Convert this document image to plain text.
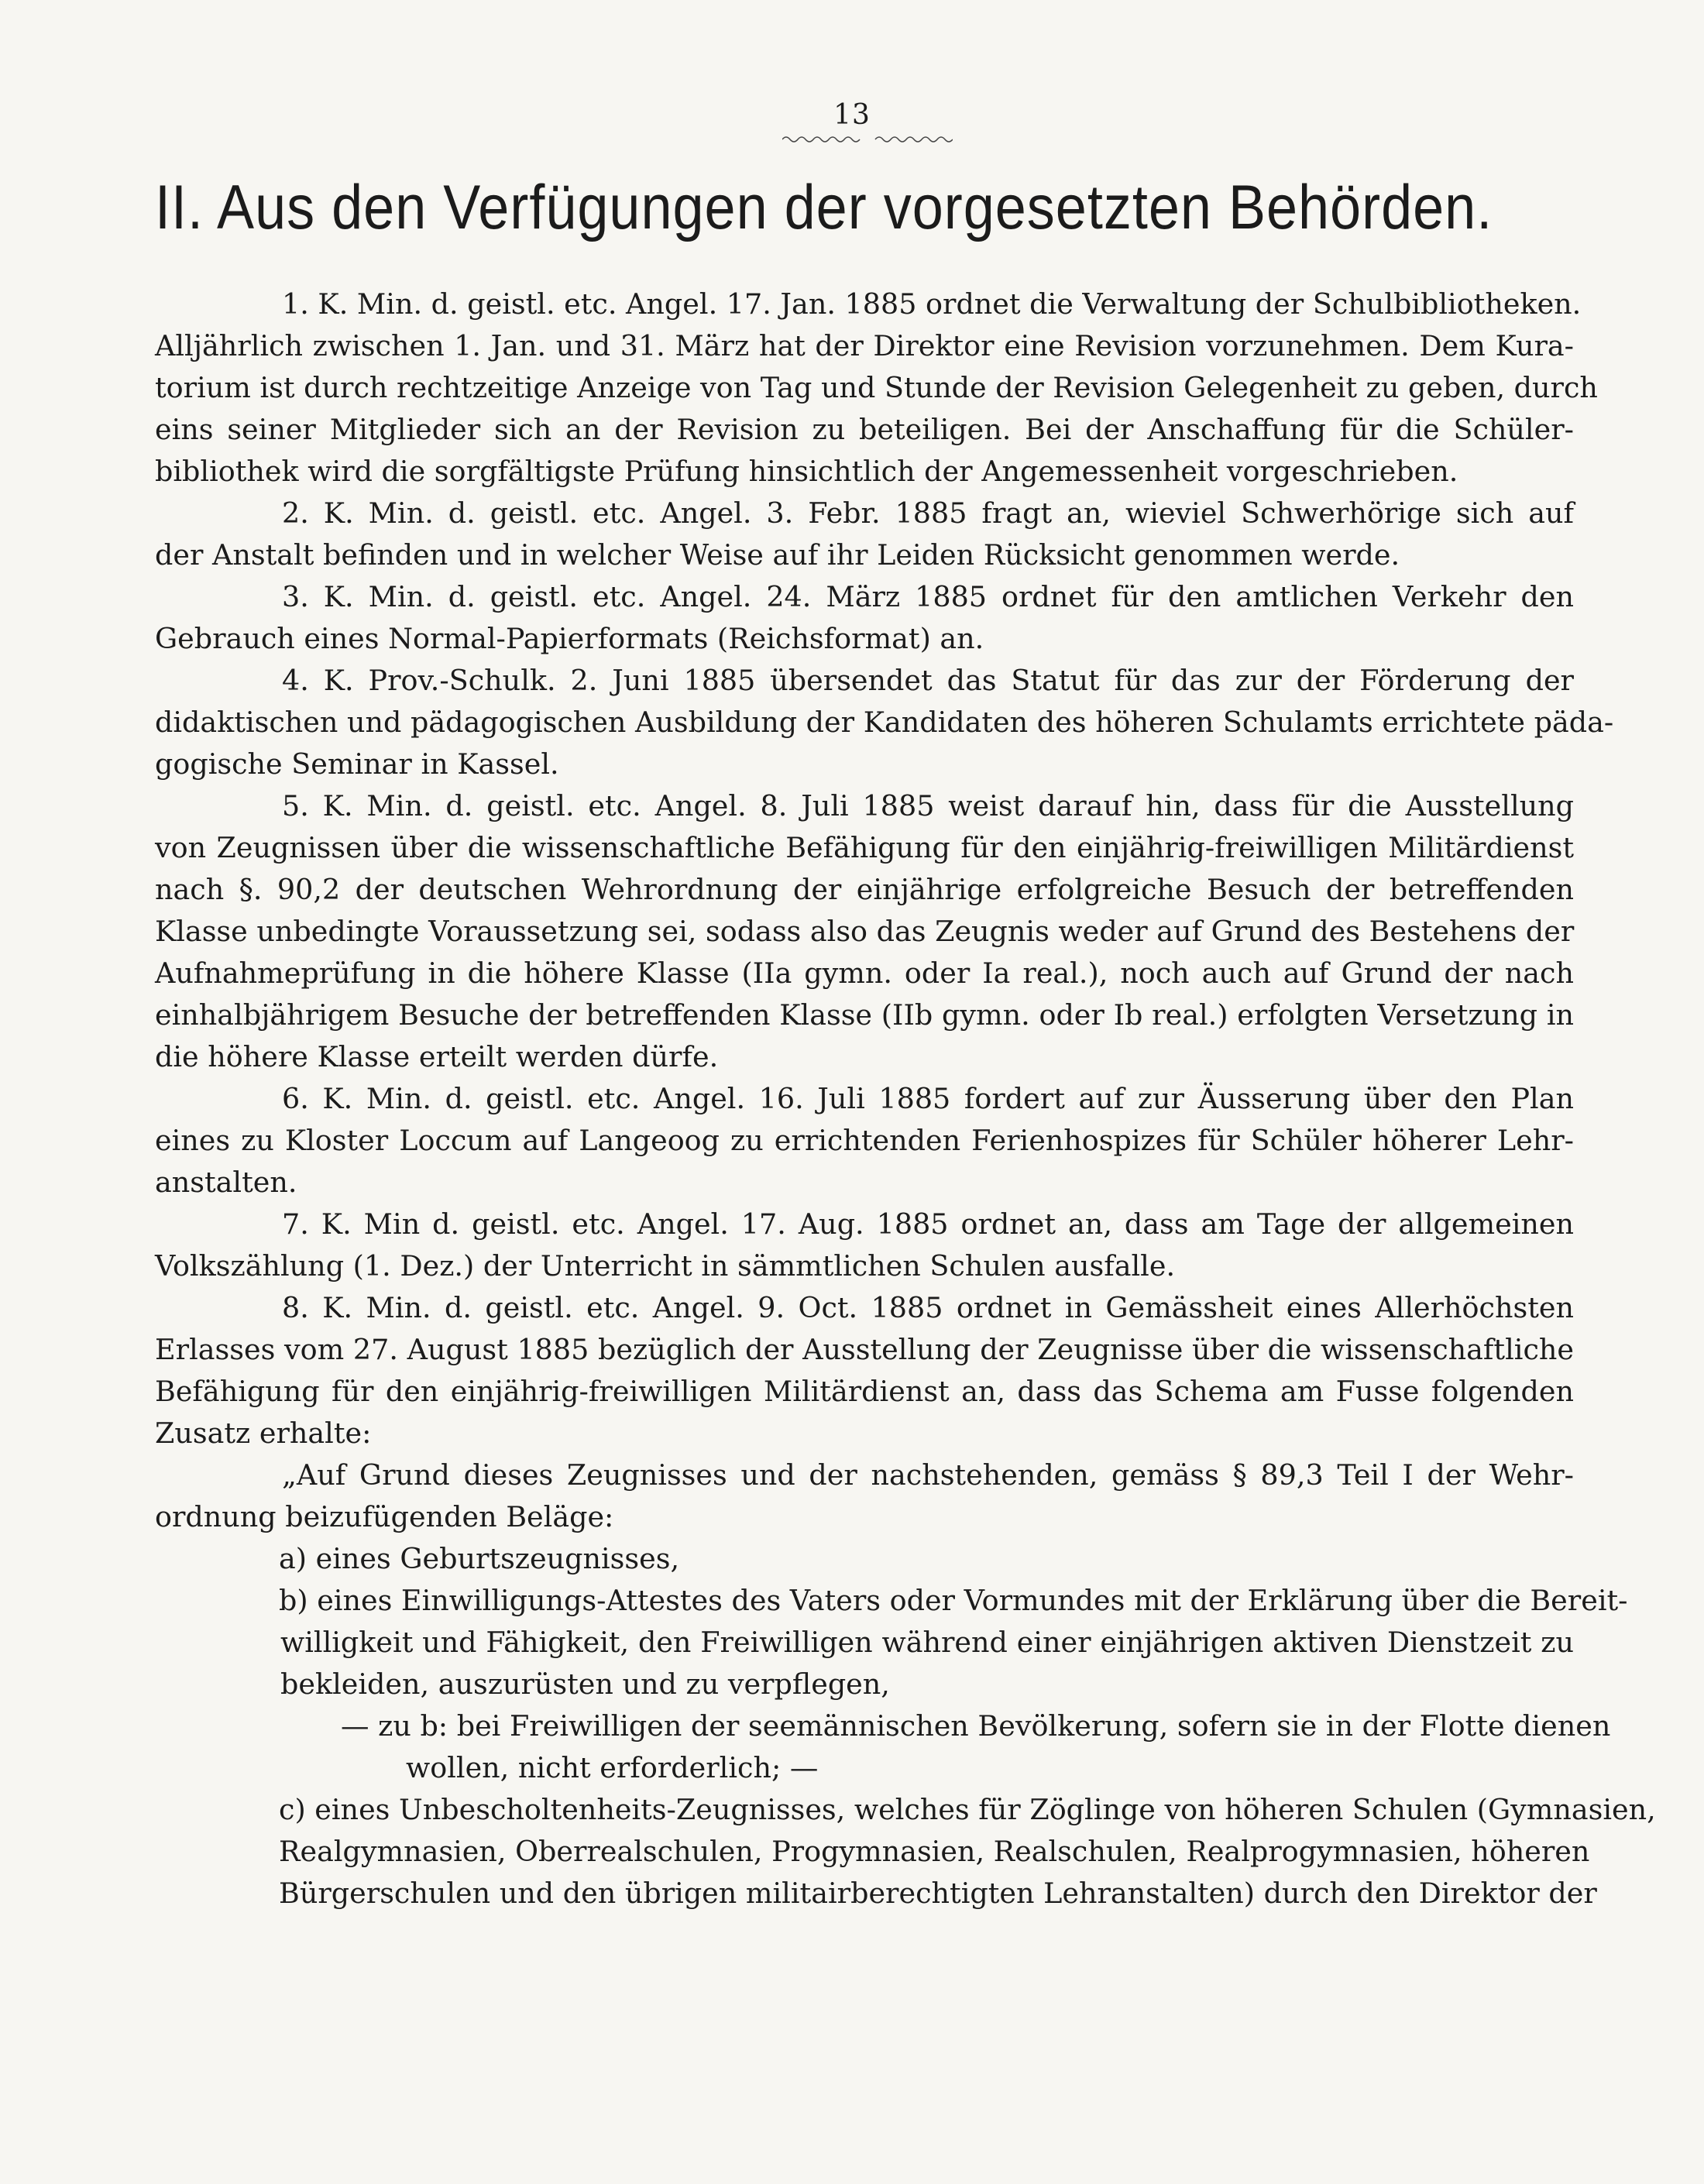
13
II. Aus den Verfügungen der vorgesetzten Behörden.
1. K. Min. d. geistl. etc. Angel. 17. Jan. 1885 ordnet die Verwaltung der Schulbibliotheken.
Alljährlich zwischen 1. Jan. und 31. März hat der Direktor eine Revision vorzunehmen. Dem Kura-
torium ist durch rechtzeitige Anzeige von Tag und Stunde der Revision Gelegenheit zu geben, durch
eins seiner Mitglieder sich an der Revision zu beteiligen. Bei der Anschaffung für die Schüler-
bibliothek wird die sorgfältigste Prüfung hinsichtlich der Angemessenheit vorgeschrieben.
2. K. Min. d. geistl. etc. Angel. 3. Febr. 1885 fragt an, wieviel Schwerhörige sich auf
der Anstalt befinden und in welcher Weise auf ihr Leiden Rücksicht genommen werde.
3. K. Min. d. geistl. etc. Angel. 24. März 1885 ordnet für den amtlichen Verkehr den
Gebrauch eines Normal-Papierformats (Reichsformat) an.
4. K. Prov.-Schulk. 2. Juni 1885 übersendet das Statut für das zur der Förderung der
didaktischen und pädagogischen Ausbildung der Kandidaten des höheren Schulamts errichtete päda-
gogische Seminar in Kassel.
5. K. Min. d. geistl. etc. Angel. 8. Juli 1885 weist darauf hin, dass für die Ausstellung
von Zeugnissen über die wissenschaftliche Befähigung für den einjährig-freiwilligen Militärdienst
nach §. 90,2 der deutschen Wehrordnung der einjährige erfolgreiche Besuch der betreffenden
Klasse unbedingte Voraussetzung sei, sodass also das Zeugnis weder auf Grund des Bestehens der
Aufnahmeprüfung in die höhere Klasse (IIa gymn. oder Ia real.), noch auch auf Grund der nach
einhalbjährigem Besuche der betreffenden Klasse (IIb gymn. oder Ib real.) erfolgten Versetzung in
die höhere Klasse erteilt werden dürfe.
6. K. Min. d. geistl. etc. Angel. 16. Juli 1885 fordert auf zur Äusserung über den Plan
eines zu Kloster Loccum auf Langeoog zu errichtenden Ferienhospizes für Schüler höherer Lehr-
anstalten.
7. K. Min d. geistl. etc. Angel. 17. Aug. 1885 ordnet an, dass am Tage der allgemeinen
Volkszählung (1. Dez.) der Unterricht in sämmtlichen Schulen ausfalle.
8. K. Min. d. geistl. etc. Angel. 9. Oct. 1885 ordnet in Gemässheit eines Allerhöchsten
Erlasses vom 27. August 1885 bezüglich der Ausstellung der Zeugnisse über die wissenschaftliche
Befähigung für den einjährig-freiwilligen Militärdienst an, dass das Schema am Fusse folgenden
Zusatz erhalte:
„Auf Grund dieses Zeugnisses und der nachstehenden, gemäss § 89,3 Teil I der Wehr-
ordnung beizufügenden Beläge:
a) eines Geburtszeugnisses,
b) eines Einwilligungs-Attestes des Vaters oder Vormundes mit der Erklärung über die Bereit-
willigkeit und Fähigkeit, den Freiwilligen während einer einjährigen aktiven Dienstzeit zu
bekleiden, auszurüsten und zu verpflegen,
— zu b: bei Freiwilligen der seemännischen Bevölkerung, sofern sie in der Flotte dienen
wollen, nicht erforderlich; —
c) eines Unbescholtenheits-Zeugnisses, welches für Zöglinge von höheren Schulen (Gymnasien,
Realgymnasien, Oberrealschulen, Progymnasien, Realschulen, Realprogymnasien, höheren
Bürgerschulen und den übrigen militairberechtigten Lehranstalten) durch den Direktor der
